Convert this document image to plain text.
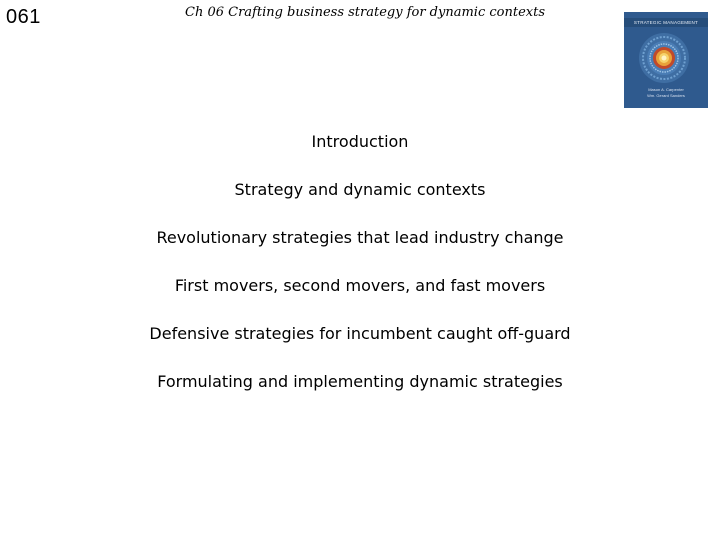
061	Ch 06 Crafting business strategy for dynamic contexts
STRATEGIC MANAGEMENT
Mason A. Carpenter
Wm. Gerard Sanders
Introduction
Strategy and dynamic contexts
Revolutionary strategies that lead industry change
First movers, second movers, and fast movers
Defensive strategies for incumbent caught off-guard
Formulating and implementing dynamic strategies
